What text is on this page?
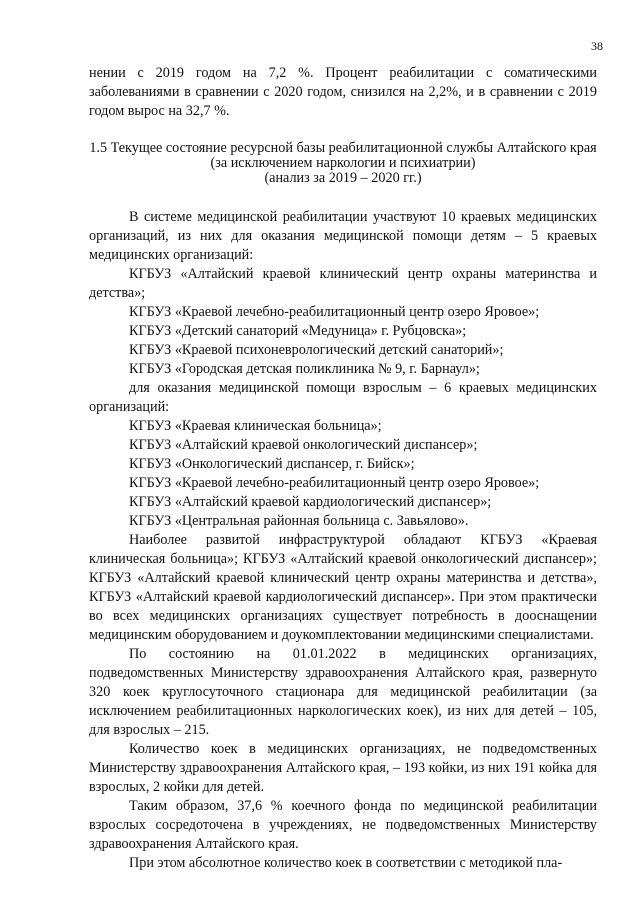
38

нении с 2019 годом на 7,2 %. Процент реабилитации с соматическими заболеваниями в сравнении с 2020 годом, снизился на 2,2%, и в сравнении с 2019 годом вырос на 32,7 %.

1.5 Текущее состояние ресурсной базы реабилитационной службы Алтайского края (за исключением наркологии и психиатрии)
(анализ за 2019 – 2020 гг.)

В системе медицинской реабилитации участвуют 10 краевых медицинских организаций, из них для оказания медицинской помощи детям – 5 краевых медицинских организаций:

КГБУЗ «Алтайский краевой клинический центр охраны материнства и детства»;

КГБУЗ «Краевой лечебно-реабилитационный центр озеро Яровое»;

КГБУЗ «Детский санаторий «Медуница» г. Рубцовска»;

КГБУЗ «Краевой психоневрологический детский санаторий»;

КГБУЗ «Городская детская поликлиника № 9, г. Барнаул»;

для оказания медицинской помощи взрослым – 6 краевых медицинских организаций:

КГБУЗ «Краевая клиническая больница»;

КГБУЗ «Алтайский краевой онкологический диспансер»;

КГБУЗ «Онкологический диспансер, г. Бийск»;

КГБУЗ «Краевой лечебно-реабилитационный центр озеро Яровое»;

КГБУЗ «Алтайский краевой кардиологический диспансер»;

КГБУЗ «Центральная районная больница с. Завьялово».

Наиболее развитой инфраструктурой обладают КГБУЗ «Краевая клиническая больница»; КГБУЗ «Алтайский краевой онкологический диспансер»; КГБУЗ «Алтайский краевой клинический центр охраны материнства и детства», КГБУЗ «Алтайский краевой кардиологический диспансер». При этом практически во всех медицинских организациях существует потребность в дооснащении медицинским оборудованием и доукомплектовании медицинскими специалистами.

По состоянию на 01.01.2022 в медицинских организациях, подведомственных Министерству здравоохранения Алтайского края, развернуто 320 коек круглосуточного стационара для медицинской реабилитации (за исключением реабилитационных наркологических коек), из них для детей – 105, для взрослых – 215.

Количество коек в медицинских организациях, не подведомственных Министерству здравоохранения Алтайского края, – 193 койки, из них 191 койка для взрослых, 2 койки для детей.

Таким образом, 37,6 % коечного фонда по медицинской реабилитации взрослых сосредоточена в учреждениях, не подведомственных Министерству здравоохранения Алтайского края.

При этом абсолютное количество коек в соответствии с методикой пла-
